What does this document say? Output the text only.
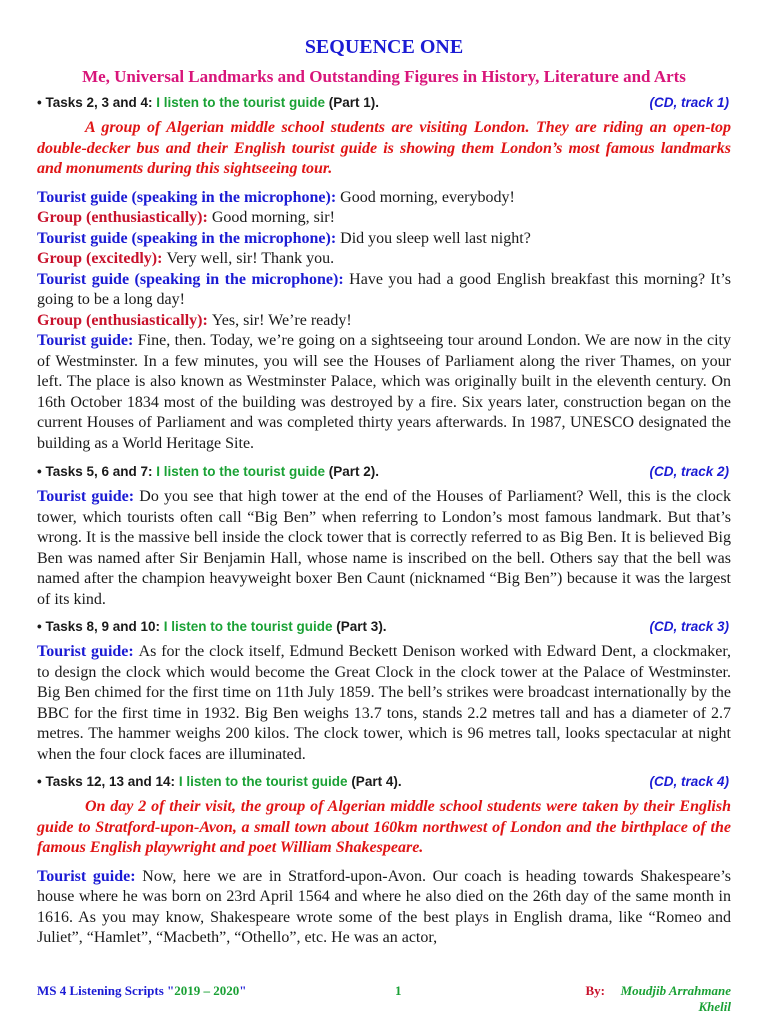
SEQUENCE ONE
Me, Universal Landmarks and Outstanding Figures in History, Literature and Arts
• Tasks 2, 3 and 4: I listen to the tourist guide (Part 1).	(CD, track 1)

A group of Algerian middle school students are visiting London. They are riding an open-top double-decker bus and their English tourist guide is showing them London’s most famous landmarks and monuments during this sightseeing tour.

Tourist guide (speaking in the microphone): Good morning, everybody!

Group (enthusiastically): Good morning, sir!

Tourist guide (speaking in the microphone): Did you sleep well last night?

Group (excitedly): Very well, sir! Thank you.

Tourist guide (speaking in the microphone): Have you had a good English breakfast this morning? It’s going to be a long day!

Group (enthusiastically): Yes, sir! We’re ready!

Tourist guide: Fine, then. Today, we’re going on a sightseeing tour around London. We are now in the city of Westminster. In a few minutes, you will see the Houses of Parliament along the river Thames, on your left. The place is also known as Westminster Palace, which was originally built in the eleventh century. On 16th October 1834 most of the building was destroyed by a fire. Six years later, construction began on the current Houses of Parliament and was completed thirty years afterwards. In 1987, UNESCO designated the building as a World Heritage Site.

• Tasks 5, 6 and 7: I listen to the tourist guide (Part 2).	(CD, track 2)

Tourist guide: Do you see that high tower at the end of the Houses of Parliament? Well, this is the clock tower, which tourists often call “Big Ben” when referring to London’s most famous landmark. But that’s wrong. It is the massive bell inside the clock tower that is correctly referred to as Big Ben. It is believed Big Ben was named after Sir Benjamin Hall, whose name is inscribed on the bell. Others say that the bell was named after the champion heavyweight boxer Ben Caunt (nicknamed “Big Ben”) because it was the largest of its kind.

• Tasks 8, 9 and 10: I listen to the tourist guide (Part 3).	(CD, track 3)

Tourist guide: As for the clock itself, Edmund Beckett Denison worked with Edward Dent, a clockmaker, to design the clock which would become the Great Clock in the clock tower at the Palace of Westminster. Big Ben chimed for the first time on 11th July 1859. The bell’s strikes were broadcast internationally by the BBC for the first time in 1932. Big Ben weighs 13.7 tons, stands 2.2 metres tall and has a diameter of 2.7 metres. The hammer weighs 200 kilos. The clock tower, which is 96 metres tall, looks spectacular at night when the four clock faces are illuminated.

• Tasks 12, 13 and 14: I listen to the tourist guide (Part 4).	(CD, track 4)

On day 2 of their visit, the group of Algerian middle school students were taken by their English guide to Stratford-upon-Avon, a small town about 160km northwest of London and the birthplace of the famous English playwright and poet William Shakespeare.

Tourist guide: Now, here we are in Stratford-upon-Avon. Our coach is heading towards Shakespeare’s house where he was born on 23rd April 1564 and where he also died on the 26th day of the same month in 1616. As you may know, Shakespeare wrote some of the best plays in English drama, like “Romeo and Juliet”, “Hamlet”, “Macbeth”, “Othello”, etc. He was an actor,

MS 4 Listening Scripts "2019 – 2020"	1	By:	Moudjib Arrahmane Khelil
